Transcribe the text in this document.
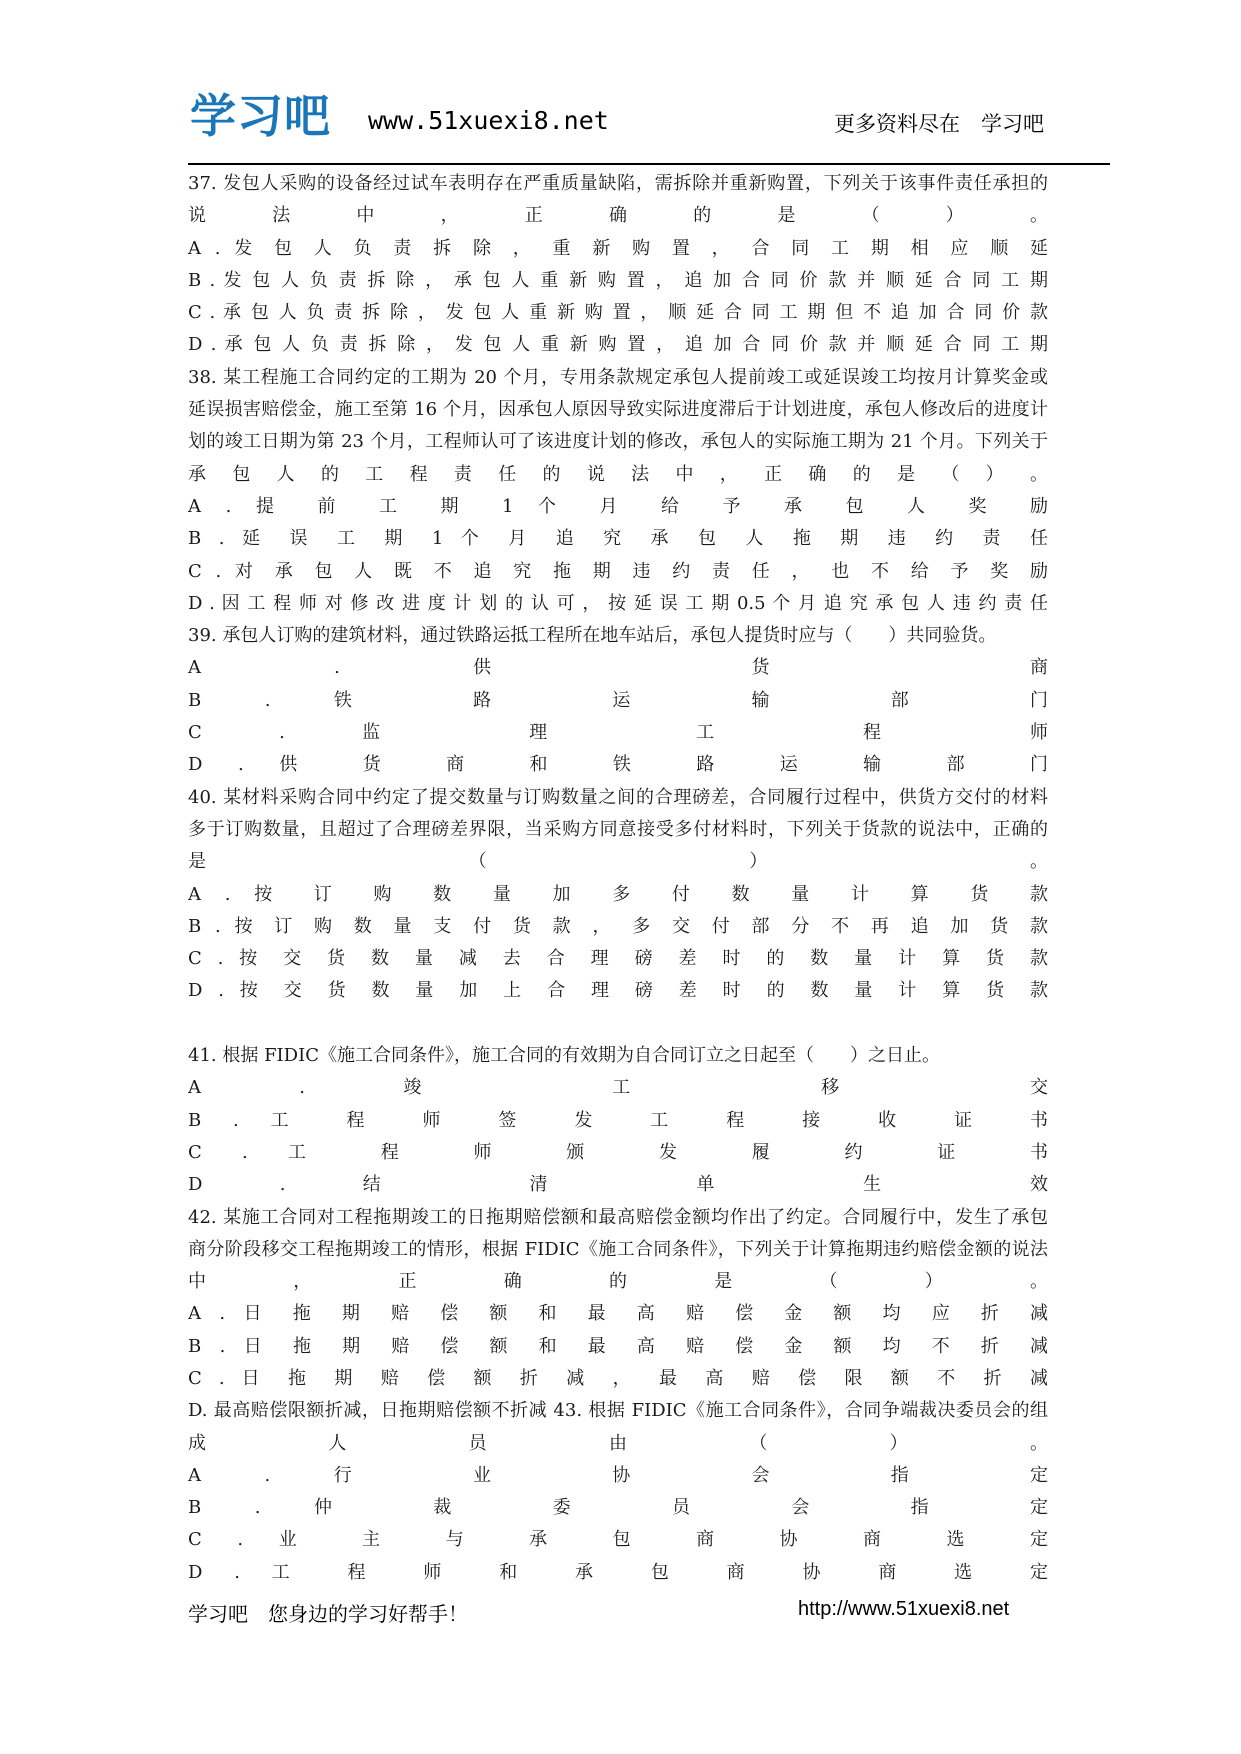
学习吧 www.51xuexi8.net	更多资料尽在　学习吧
37. 发包人采购的设备经过试车表明存在严重质量缺陷，需拆除并重新购置，下列关于该事件责任承担的
说 法 中 ， 正 确 的 是 （ ） 。
A . 发 包 人 负 责 拆 除 ， 重 新 购 置 ， 合 同 工 期 相 应 顺 延
B . 发 包 人 负 责 拆 除 ， 承 包 人 重 新 购 置 ， 追 加 合 同 价 款 并 顺 延 合 同 工 期
C . 承 包 人 负 责 拆 除 ， 发 包 人 重 新 购 置 ， 顺 延 合 同 工 期 但 不 追 加 合 同 价 款
D . 承 包 人 负 责 拆 除 ， 发 包 人 重 新 购 置 ， 追 加 合 同 价 款 并 顺 延 合 同 工 期
38. 某工程施工合同约定的工期为 20 个月，专用条款规定承包人提前竣工或延误竣工均按月计算奖金或
延误损害赔偿金，施工至第 16 个月，因承包人原因导致实际进度滞后于计划进度，承包人修改后的进度计
划的竣工日期为第 23 个月，工程师认可了该进度计划的修改，承包人的实际施工期为 21 个月。下列关于
承 包 人 的 工 程 责 任 的 说 法 中 ， 正 确 的 是 （ ） 。
A . 提 前 工 期 1 个 月 给 予 承 包 人 奖 励
B . 延 误 工 期 1 个 月 追 究 承 包 人 拖 期 违 约 责 任
C . 对 承 包 人 既 不 追 究 拖 期 违 约 责 任 ， 也 不 给 予 奖 励
D . 因 工 程 师 对 修 改 进 度 计 划 的 认 可 ， 按 延 误 工 期 0.5 个 月 追 究 承 包 人 违 约 责 任
39. 承包人订购的建筑材料，通过铁路运抵工程所在地车站后，承包人提货时应与（　　）共同验货。
A . 供 货 商
B . 铁 路 运 输 部 门
C . 监 理 工 程 师
D . 供 货 商 和 铁 路 运 输 部 门
40. 某材料采购合同中约定了提交数量与订购数量之间的合理磅差，合同履行过程中，供货方交付的材料
多于订购数量，且超过了合理磅差界限，当采购方同意接受多付材料时，下列关于货款的说法中，正确的
是 （ ） 。
A . 按 订 购 数 量 加 多 付 数 量 计 算 货 款
B . 按 订 购 数 量 支 付 货 款 ， 多 交 付 部 分 不 再 追 加 货 款
C . 按 交 货 数 量 减 去 合 理 磅 差 时 的 数 量 计 算 货 款
D . 按 交 货 数 量 加 上 合 理 磅 差 时 的 数 量 计 算 货 款
41. 根据 FIDIC《施工合同条件》，施工合同的有效期为自合同订立之日起至（　　）之日止。
A . 竣 工 移 交
B . 工 程 师 签 发 工 程 接 收 证 书
C . 工 程 师 颁 发 履 约 证 书
D . 结 清 单 生 效
42. 某施工合同对工程拖期竣工的日拖期赔偿额和最高赔偿金额均作出了约定。合同履行中，发生了承包
商分阶段移交工程拖期竣工的情形，根据 FIDIC《施工合同条件》，下列关于计算拖期违约赔偿金额的说法
中 ， 正 确 的 是 （ ） 。
A . 日 拖 期 赔 偿 额 和 最 高 赔 偿 金 额 均 应 折 减
B . 日 拖 期 赔 偿 额 和 最 高 赔 偿 金 额 均 不 折 减
C . 日 拖 期 赔 偿 额 折 减 ， 最 高 赔 偿 限 额 不 折 减
D. 最高赔偿限额折减，日拖期赔偿额不折减 43. 根据 FIDIC《施工合同条件》，合同争端裁决委员会的组
成 人 员 由 （ ） 。
A . 行 业 协 会 指 定
B . 仲 裁 委 员 会 指 定
C . 业 主 与 承 包 商 协 商 选 定
D . 工 程 师 和 承 包 商 协 商 选 定
学习吧　您身边的学习好帮手！	http://www.51xuexi8.net
